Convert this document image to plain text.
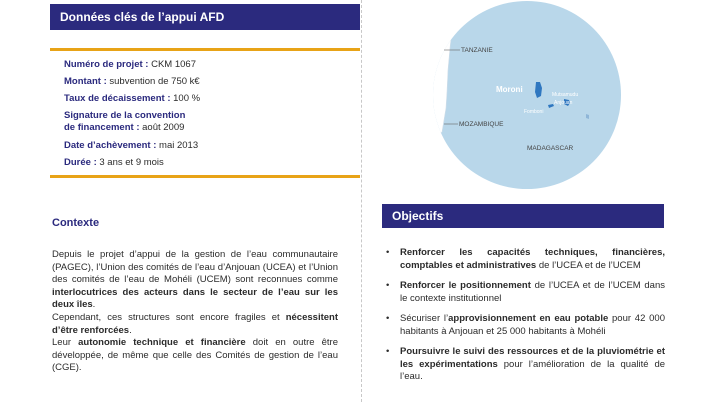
Données clés de l’appui AFD
Numéro de projet : CKM 1067
Montant : subvention de 750 k€
Taux de décaissement : 100 %
Signature de la convention
de financement : août 2009
Date d’achèvement : mai 2013
Durée : 3 ans et 9 mois
Contexte

Depuis le projet d’appui de la gestion de l’eau communautaire (PAGEC), l’Union des comités de l’eau d’Anjouan (UCEA) et l’Union des comités de l’eau de Mohéli (UCEM) sont reconnues comme interlocutrices des acteurs dans le secteur de l’eau sur les deux îles.

Cependant, ces structures sont encore fragiles et nécessitent d’être renforcées.

Leur autonomie technique et financière doit en outre être développée, de même que celle des Comités de gestion de l’eau (CGE).

TANZANIE
MOZAMBIQUE
MADAGASCAR
Moroni
Mutsamudu
Anjouan
Fomboni
Objectifs
• Renforcer les capacités techniques, financières, comptables et administratives de l’UCEA et de l’UCEM
• Renforcer le positionnement de l’UCEA et de l’UCEM dans le contexte institutionnel
• Sécuriser l’approvisionnement en eau potable pour 42 000 habitants à Anjouan et 25 000 habitants à Mohéli
• Poursuivre le suivi des ressources et de la pluviométrie et les expérimentations pour l’amélioration de la qualité de l’eau.
